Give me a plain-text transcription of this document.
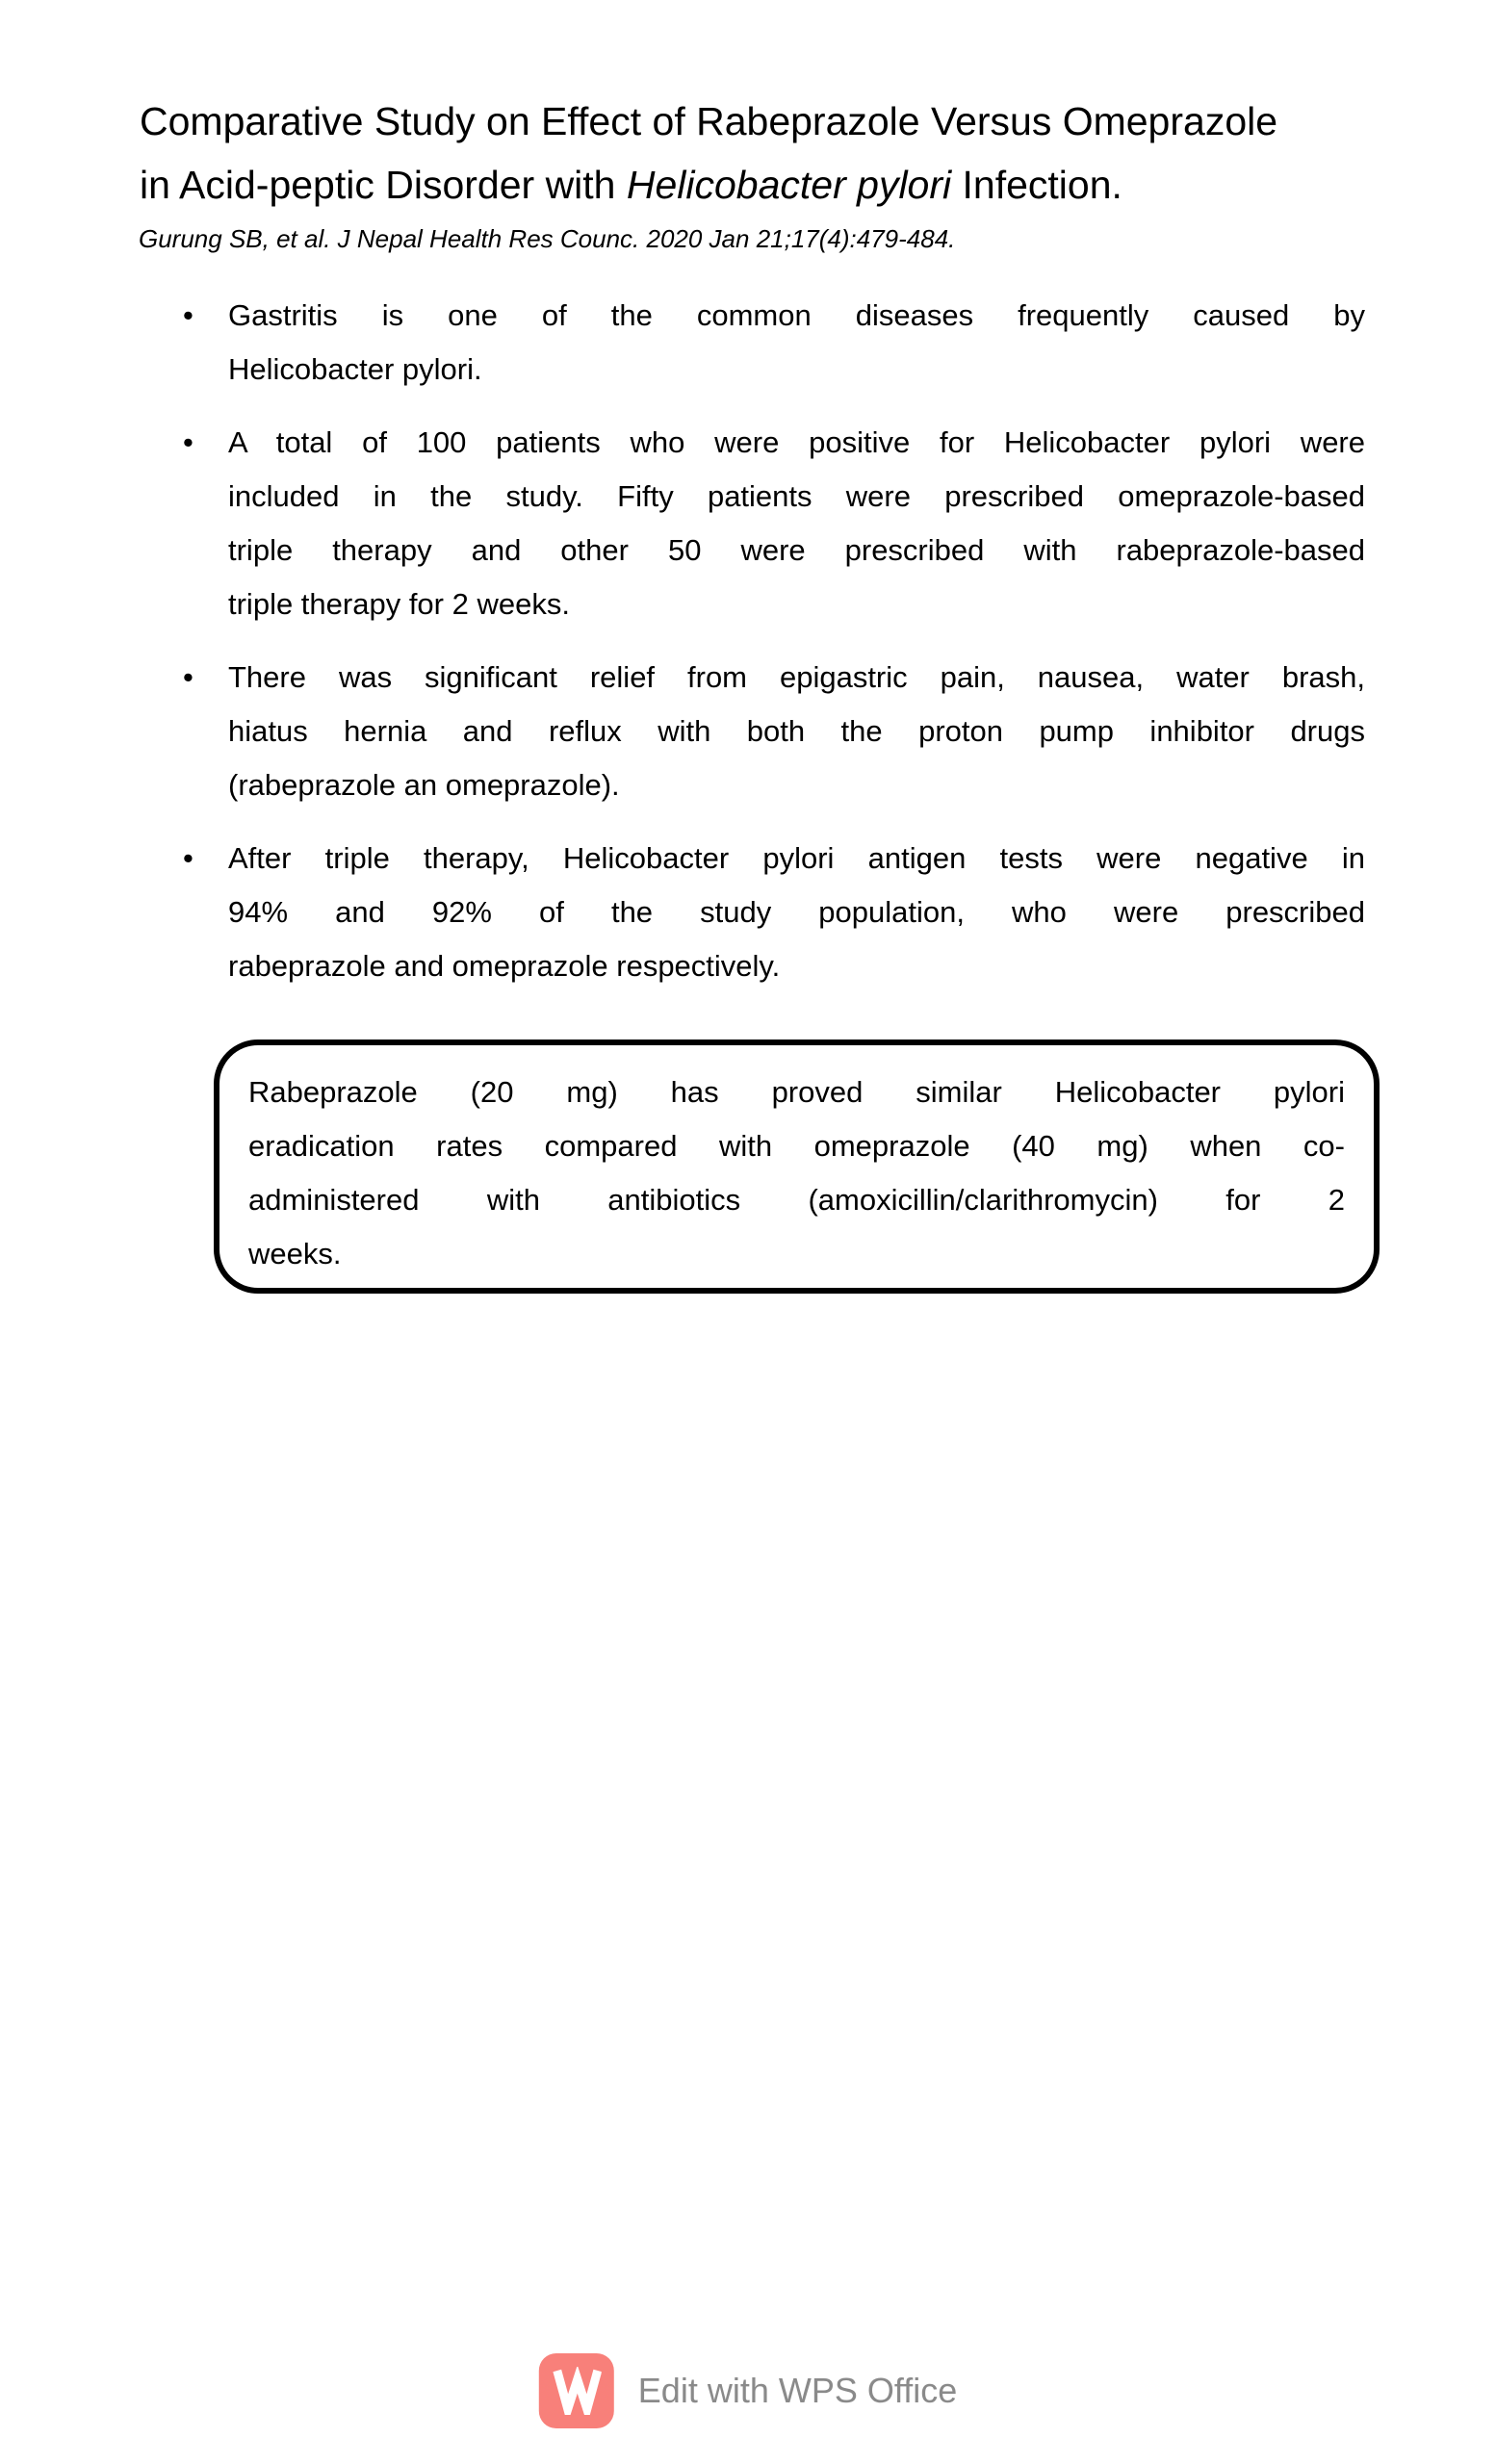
Comparative Study on Effect of Rabeprazole Versus Omeprazole
in Acid-peptic Disorder with Helicobacter pylori Infection.
Gurung SB, et al. J Nepal Health Res Counc. 2020 Jan 21;17(4):479-484.
•	Gastritis is one of the common diseases frequently caused by
Helicobacter pylori.
•	A total of 100 patients who were positive for Helicobacter pylori were
included in the study. Fifty patients were prescribed omeprazole-based
triple therapy and other 50 were prescribed with rabeprazole-based
triple therapy for 2 weeks.
•	There was significant relief from epigastric pain, nausea, water brash,
hiatus hernia and reflux with both the proton pump inhibitor drugs
(rabeprazole an omeprazole).
•	After triple therapy, Helicobacter pylori antigen tests were negative in
94% and 92% of the study population, who were prescribed
rabeprazole and omeprazole respectively.
Rabeprazole (20 mg) has proved similar Helicobacter pylori
eradication rates compared with omeprazole (40 mg) when co-
administered with antibiotics (amoxicillin/clarithromycin) for 2
weeks.
Edit with WPS Office
